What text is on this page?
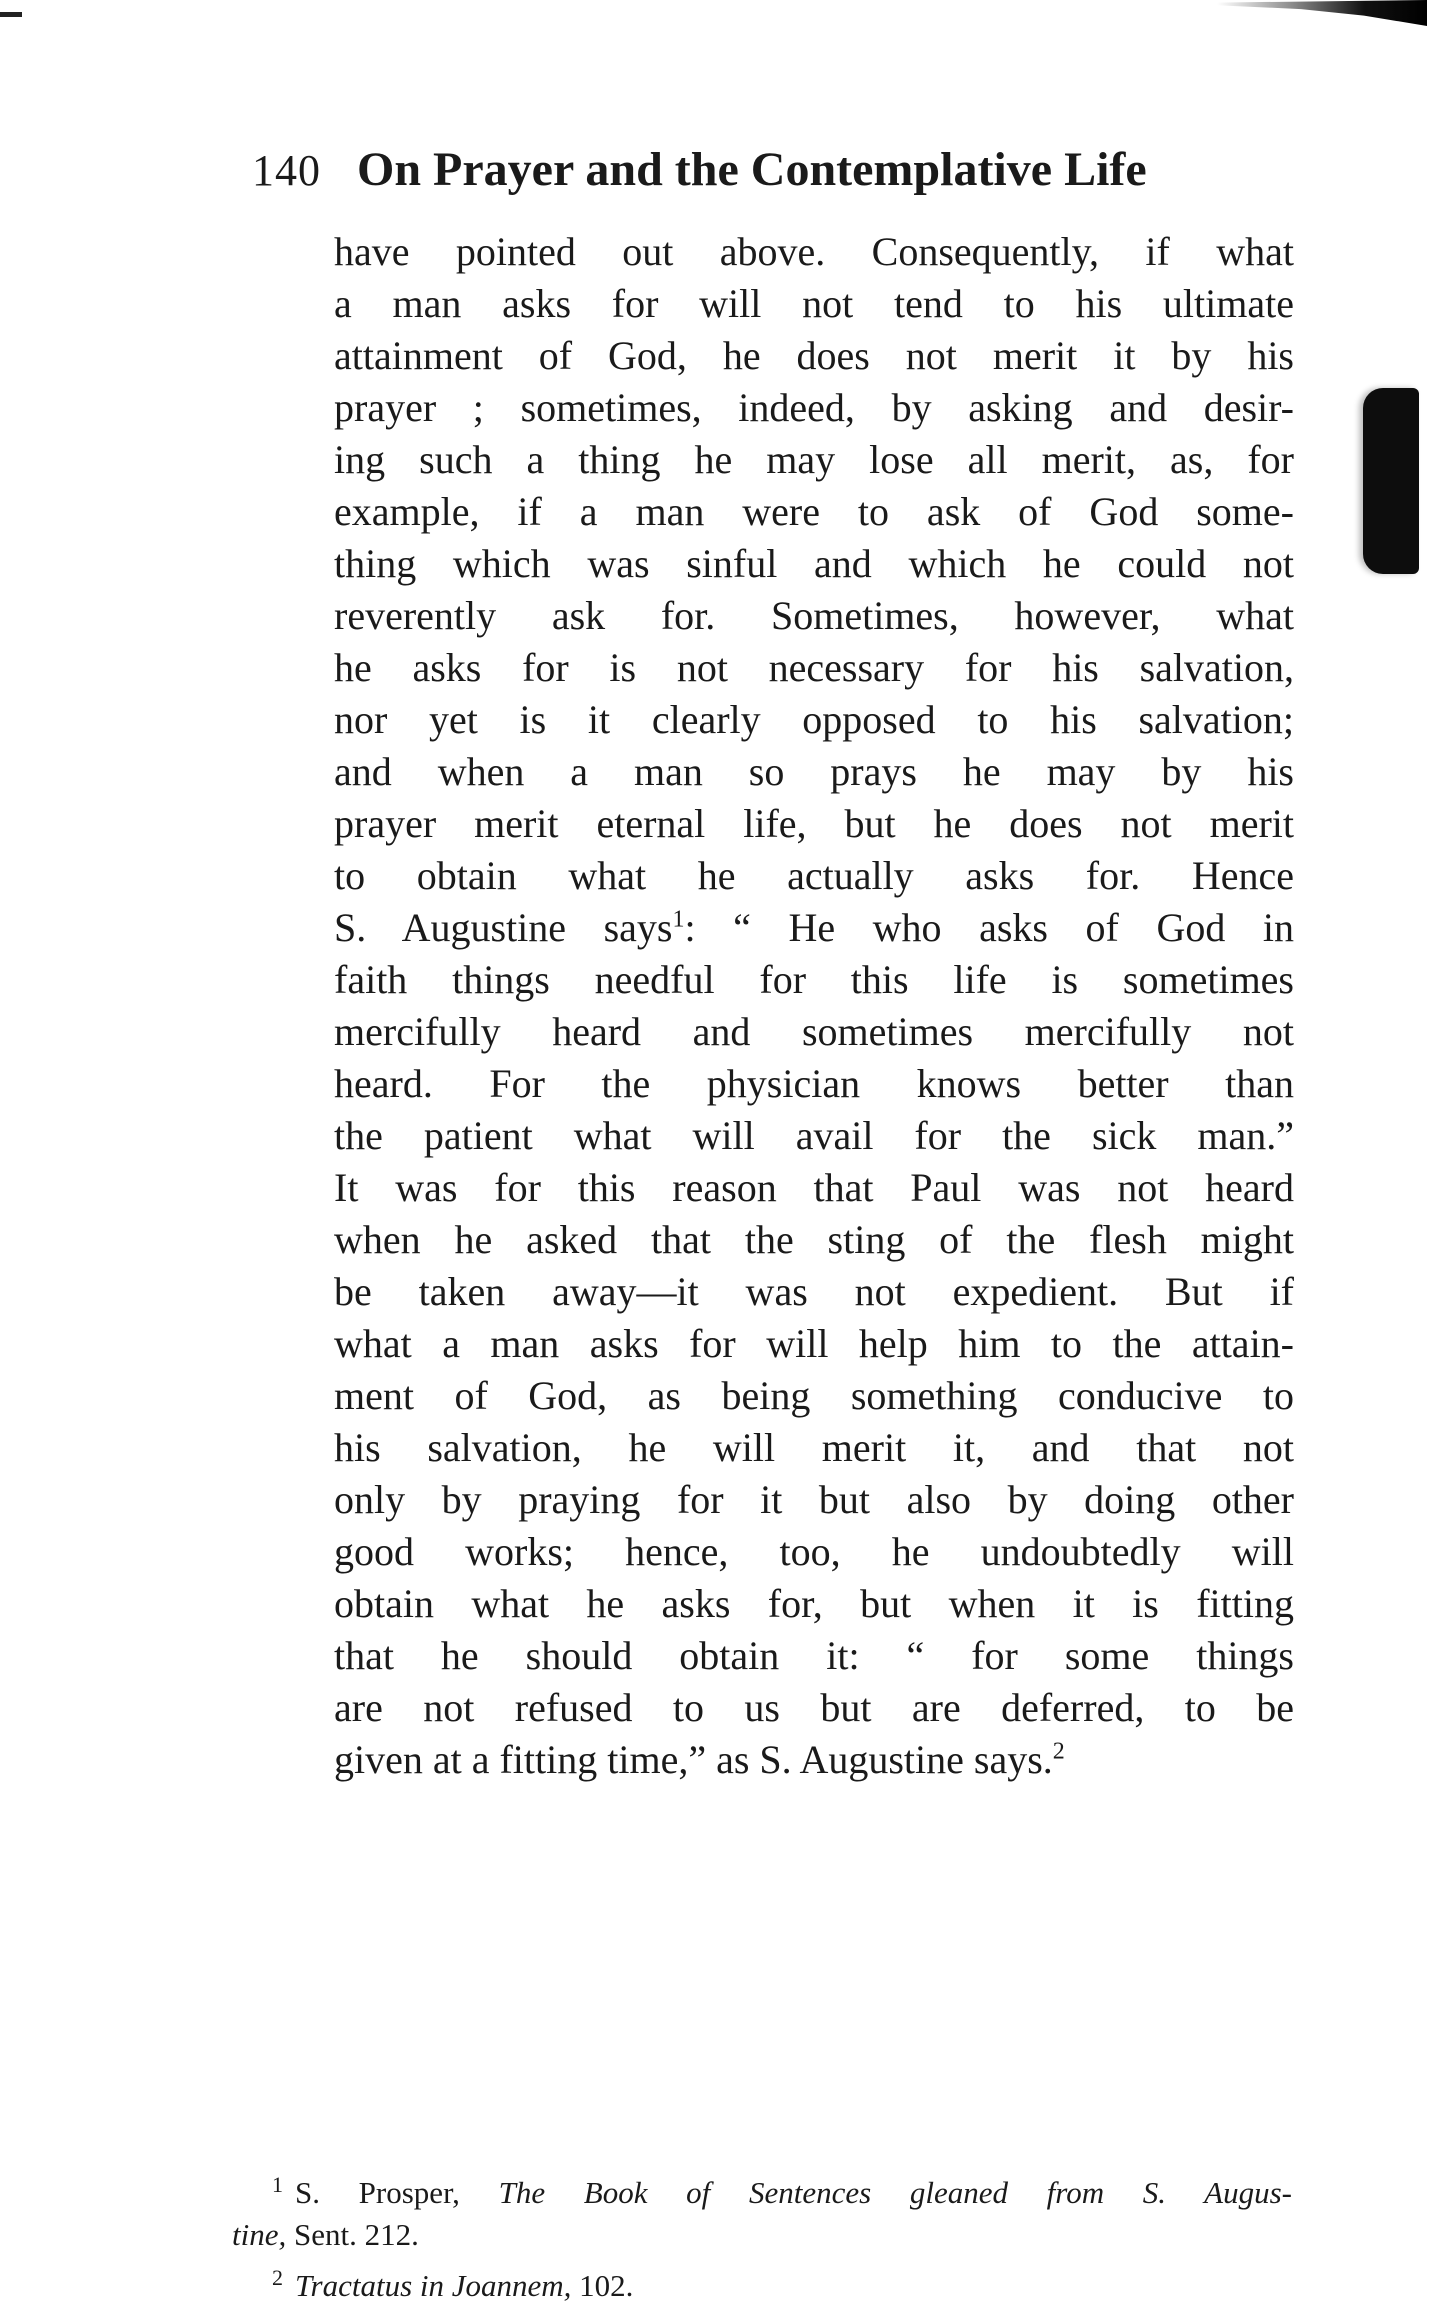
140 On Prayer and the Contemplative Life
have pointed out above. Consequently, if what
a man asks for will not tend to his ultimate
attainment of God, he does not merit it by his
prayer ; sometimes, indeed, by asking and desir-
ing such a thing he may lose all merit, as, for
example, if a man were to ask of God some-
thing which was sinful and which he could not
reverently ask for. Sometimes, however, what
he asks for is not necessary for his salvation,
nor yet is it clearly opposed to his salvation;
and when a man so prays he may by his
prayer merit eternal life, but he does not merit
to obtain what he actually asks for. Hence
S. Augustine says$^1$: “ He who asks of God in
faith things needful for this life is sometimes
mercifully heard and sometimes mercifully not
heard. For the physician knows better than
the patient what will avail for the sick man.”
It was for this reason that Paul was not heard
when he asked that the sting of the flesh might
be taken away—it was not expedient. But if
what a man asks for will help him to the attain-
ment of God, as being something conducive to
his salvation, he will merit it, and that not
only by praying for it but also by doing other
good works; hence, too, he undoubtedly will
obtain what he asks for, but when it is fitting
that he should obtain it: “ for some things
are not refused to us but are deferred, to be
given at a fitting time,” as S. Augustine says.$^2$
$^1$ S. Prosper, The Book of Sentences gleaned from S. Augus-
tine, Sent. 212.
$^2$ Tractatus in Joannem, 102.
